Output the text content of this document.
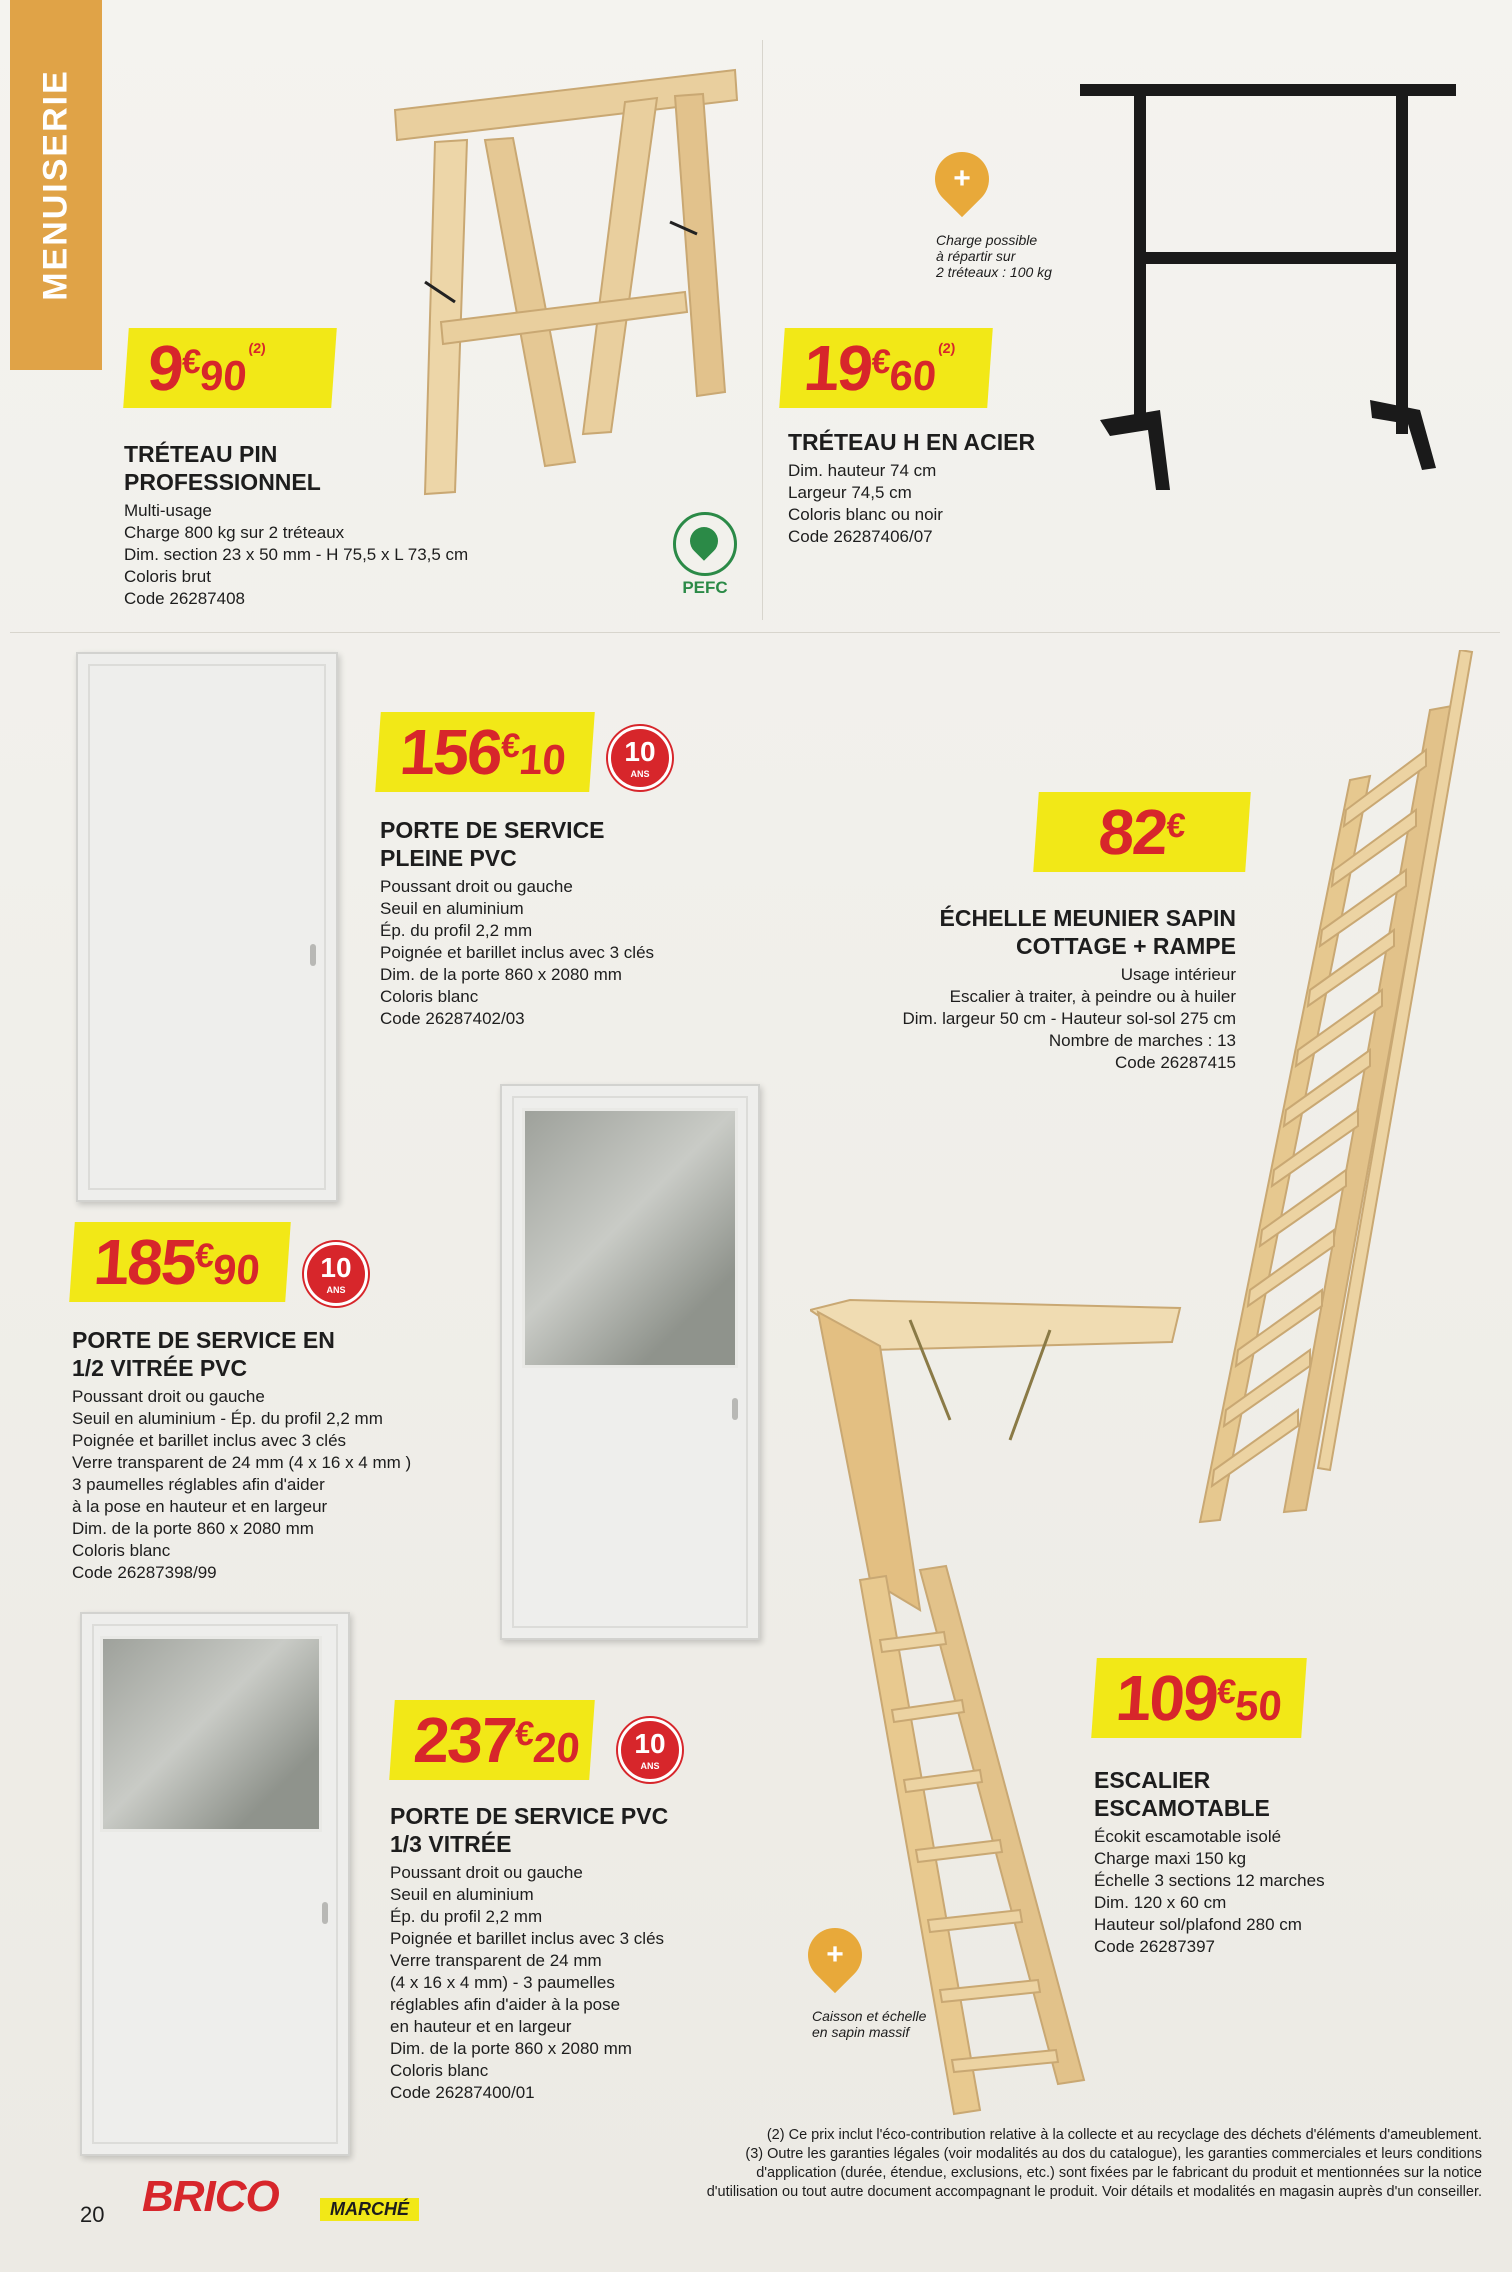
MENUISERIE
9
€
90
(2)
TRÉTEAU PIN
PROFESSIONNEL
Multi-usage
Charge 800 kg sur 2 tréteaux
Dim. section 23 x 50 mm - H 75,5 x L 73,5 cm
Coloris brut
Code 26287408
PEFC
+
Charge possible
à répartir sur
2 tréteaux : 100 kg
19
€
60
(2)
TRÉTEAU H EN ACIER
Dim. hauteur 74 cm
Largeur 74,5 cm
Coloris blanc ou noir
Code 26287406/07
156
€
10	10
ANS
PORTE DE SERVICE
PLEINE PVC
Poussant droit ou gauche
Seuil en aluminium
Ép. du profil 2,2 mm
Poignée et barillet inclus avec 3 clés
Dim. de la porte 860 x 2080 mm
Coloris blanc
Code 26287402/03
82
€
ÉCHELLE MEUNIER SAPIN
COTTAGE + RAMPE
Usage intérieur
Escalier à traiter, à peindre ou à huiler
Dim. largeur 50 cm - Hauteur sol-sol 275 cm
Nombre de marches : 13
Code 26287415
185
€
90	10
ANS
PORTE DE SERVICE EN
1/2 VITRÉE PVC
Poussant droit ou gauche
Seuil en aluminium - Ép. du profil 2,2 mm
Poignée et barillet inclus avec 3 clés
Verre transparent de 24 mm (4 x 16 x 4 mm )
3 paumelles réglables afin d'aider
à la pose en hauteur et en largeur
Dim. de la porte 860 x 2080 mm
Coloris blanc
Code 26287398/99
109
€
50
ESCALIER
ESCAMOTABLE
Écokit escamotable isolé
Charge maxi 150 kg
Échelle 3 sections 12 marches
Dim. 120 x 60 cm
Hauteur sol/plafond 280 cm
Code 26287397
+
Caisson et échelle
en sapin massif
237
€
20	10
ANS
PORTE DE SERVICE PVC
1/3 VITRÉE
Poussant droit ou gauche
Seuil en aluminium
Ép. du profil 2,2 mm
Poignée et barillet inclus avec 3 clés
Verre transparent de 24 mm
(4 x 16 x 4 mm) - 3 paumelles
réglables afin d'aider à la pose
en hauteur et en largeur
Dim. de la porte 860 x 2080 mm
Coloris blanc
Code 26287400/01
(2) Ce prix inclut l'éco-contribution relative à la collecte et au recyclage des déchets d'éléments d'ameublement.
(3) Outre les garanties légales (voir modalités au dos du catalogue), les garanties commerciales et leurs conditions
d'application (durée, étendue, exclusions, etc.) sont fixées par le fabricant du produit et mentionnées sur la notice
d'utilisation ou tout autre document accompagnant le produit. Voir détails et modalités en magasin auprès d'un conseiller.
20 BRICO	MARCHÉ
